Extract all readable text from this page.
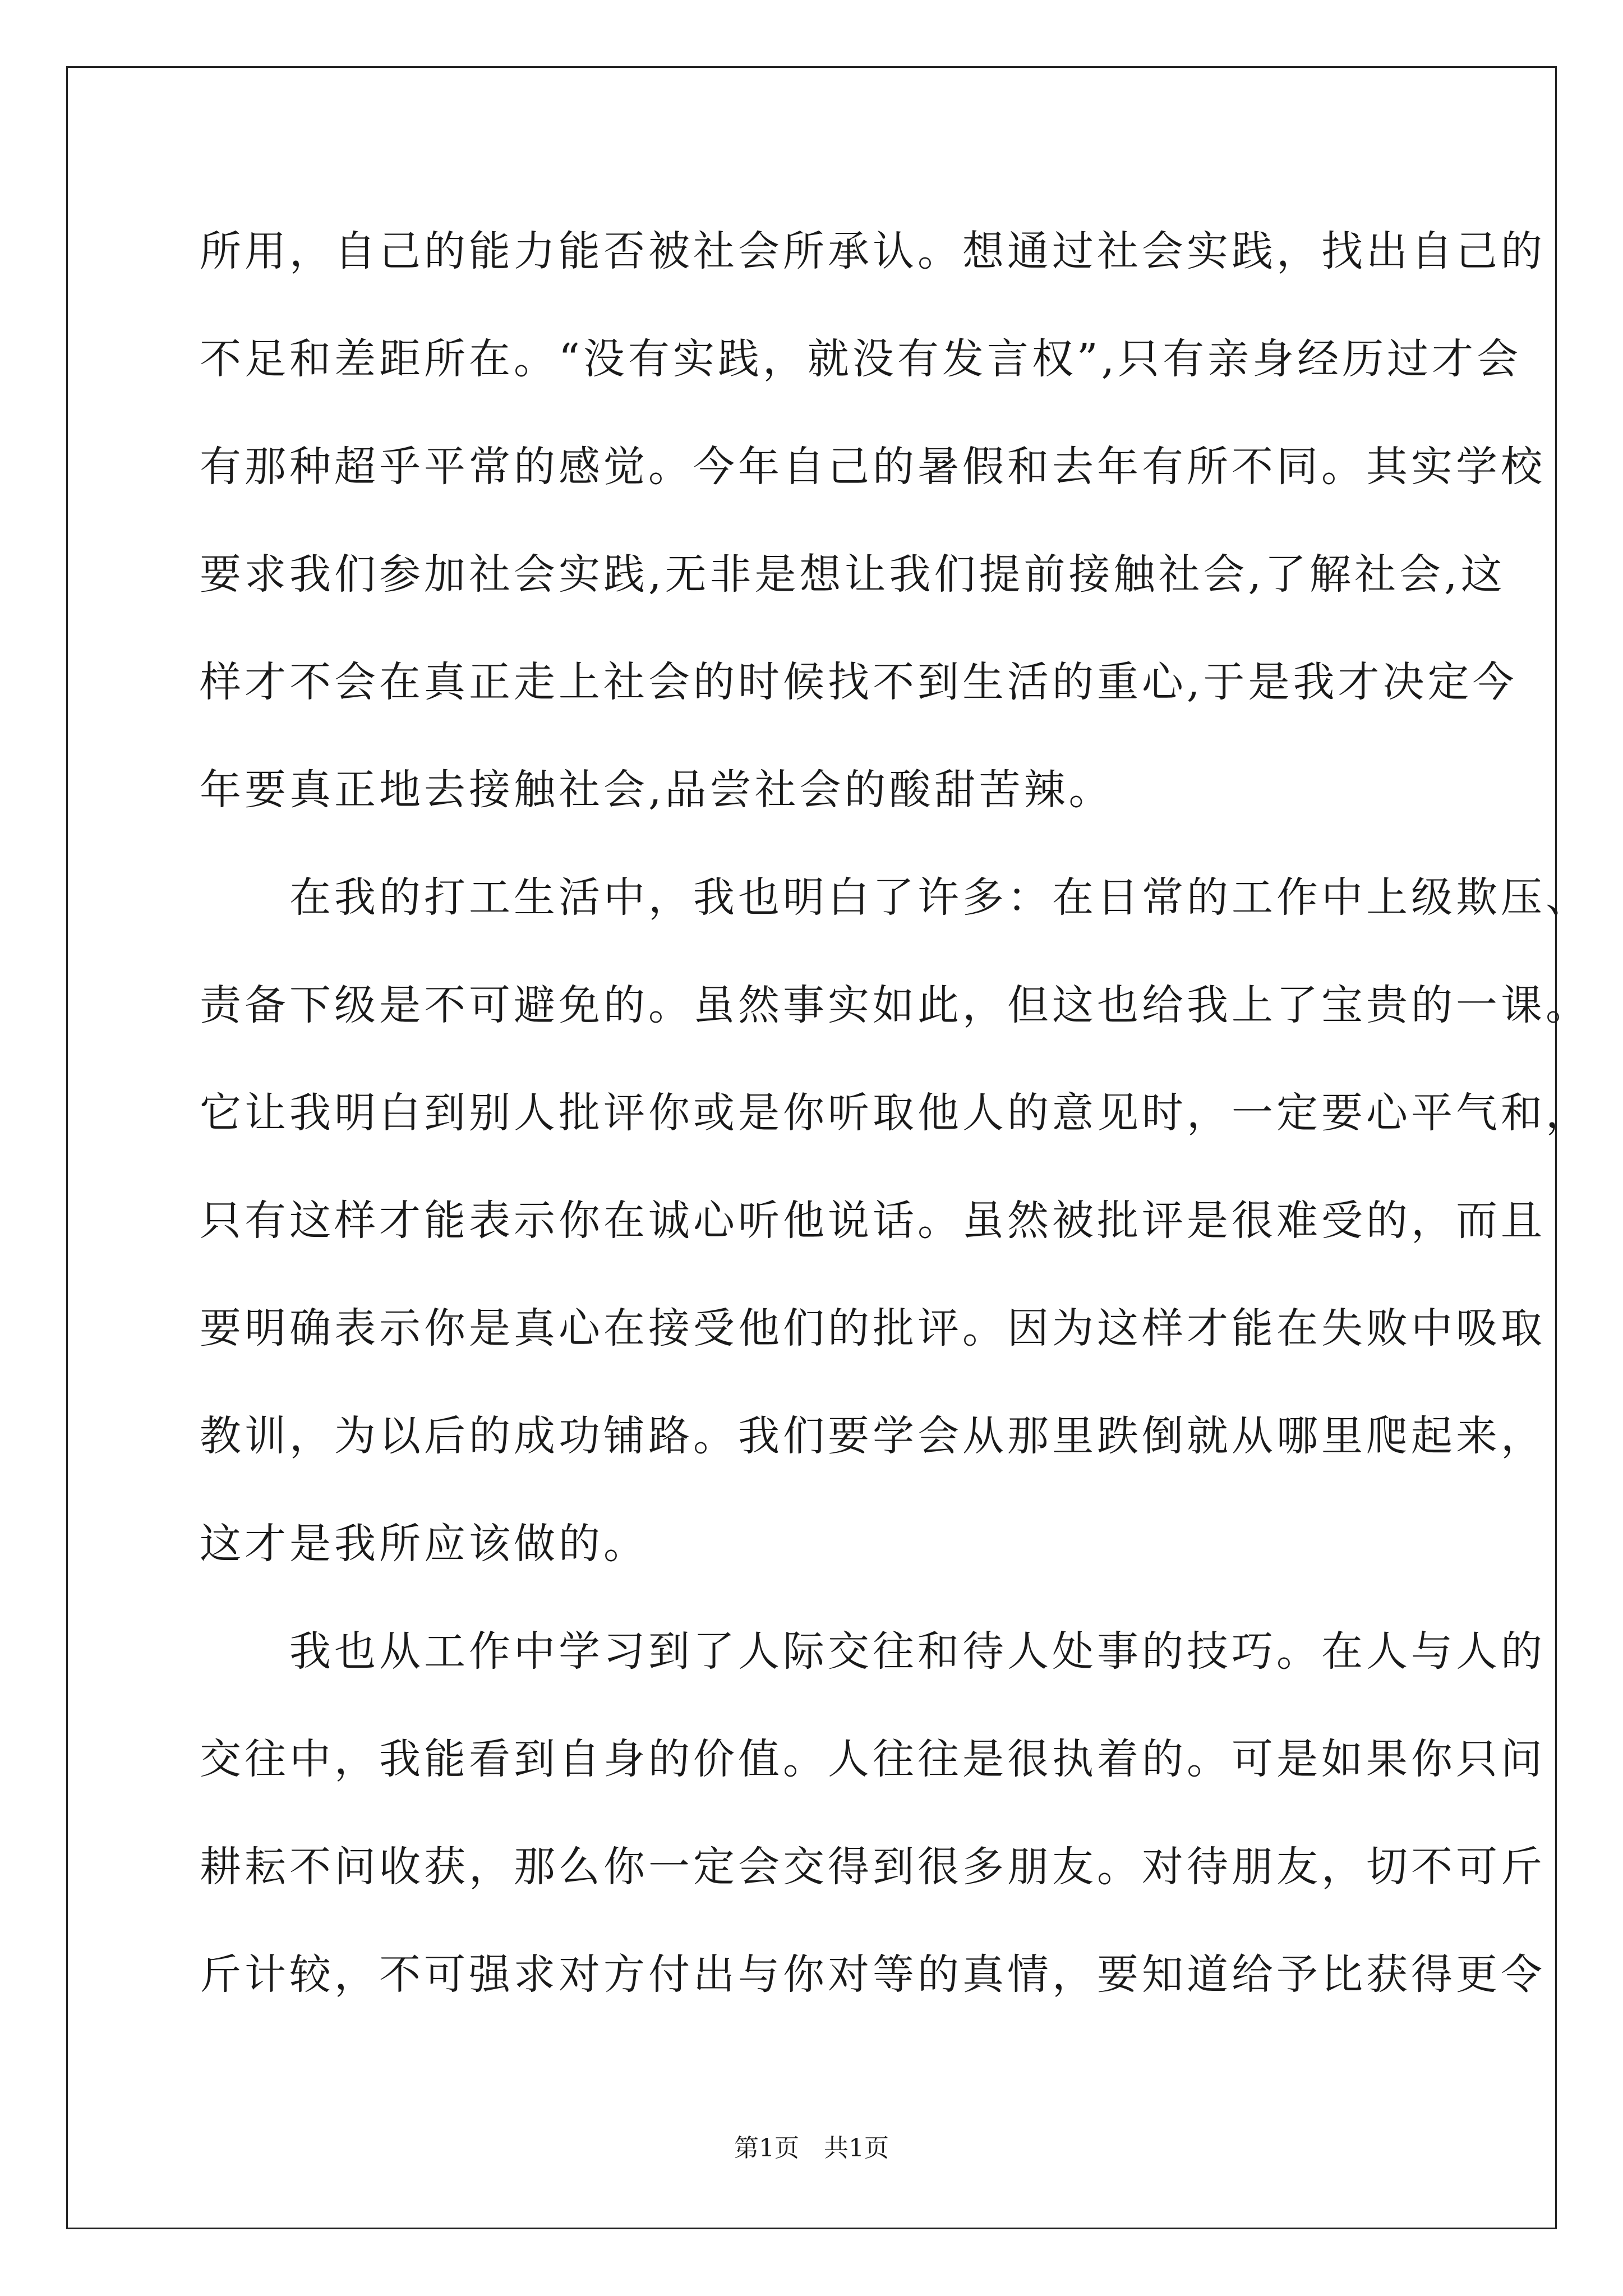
所用，自己的能力能否被社会所承认。想通过社会实践，找出自己的
不足和差距所在。“没有实践，就没有发言权”,只有亲身经历过才会
有那种超乎平常的感觉。今年自己的暑假和去年有所不同。其实学校
要求我们参加社会实践,无非是想让我们提前接触社会,了解社会,这
样才不会在真正走上社会的时候找不到生活的重心,于是我才决定今
年要真正地去接触社会,品尝社会的酸甜苦辣。
　　在我的打工生活中，我也明白了许多：在日常的工作中上级欺压、
责备下级是不可避免的。虽然事实如此，但这也给我上了宝贵的一课。
它让我明白到别人批评你或是你听取他人的意见时，一定要心平气和，
只有这样才能表示你在诚心听他说话。虽然被批评是很难受的，而且
要明确表示你是真心在接受他们的批评。因为这样才能在失败中吸取
教训，为以后的成功铺路。我们要学会从那里跌倒就从哪里爬起来，
这才是我所应该做的。
　　我也从工作中学习到了人际交往和待人处事的技巧。在人与人的
交往中，我能看到自身的价值。人往往是很执着的。可是如果你只问
耕耘不问收获，那么你一定会交得到很多朋友。对待朋友，切不可斤
斤计较，不可强求对方付出与你对等的真情，要知道给予比获得更令
第1页 共1页
